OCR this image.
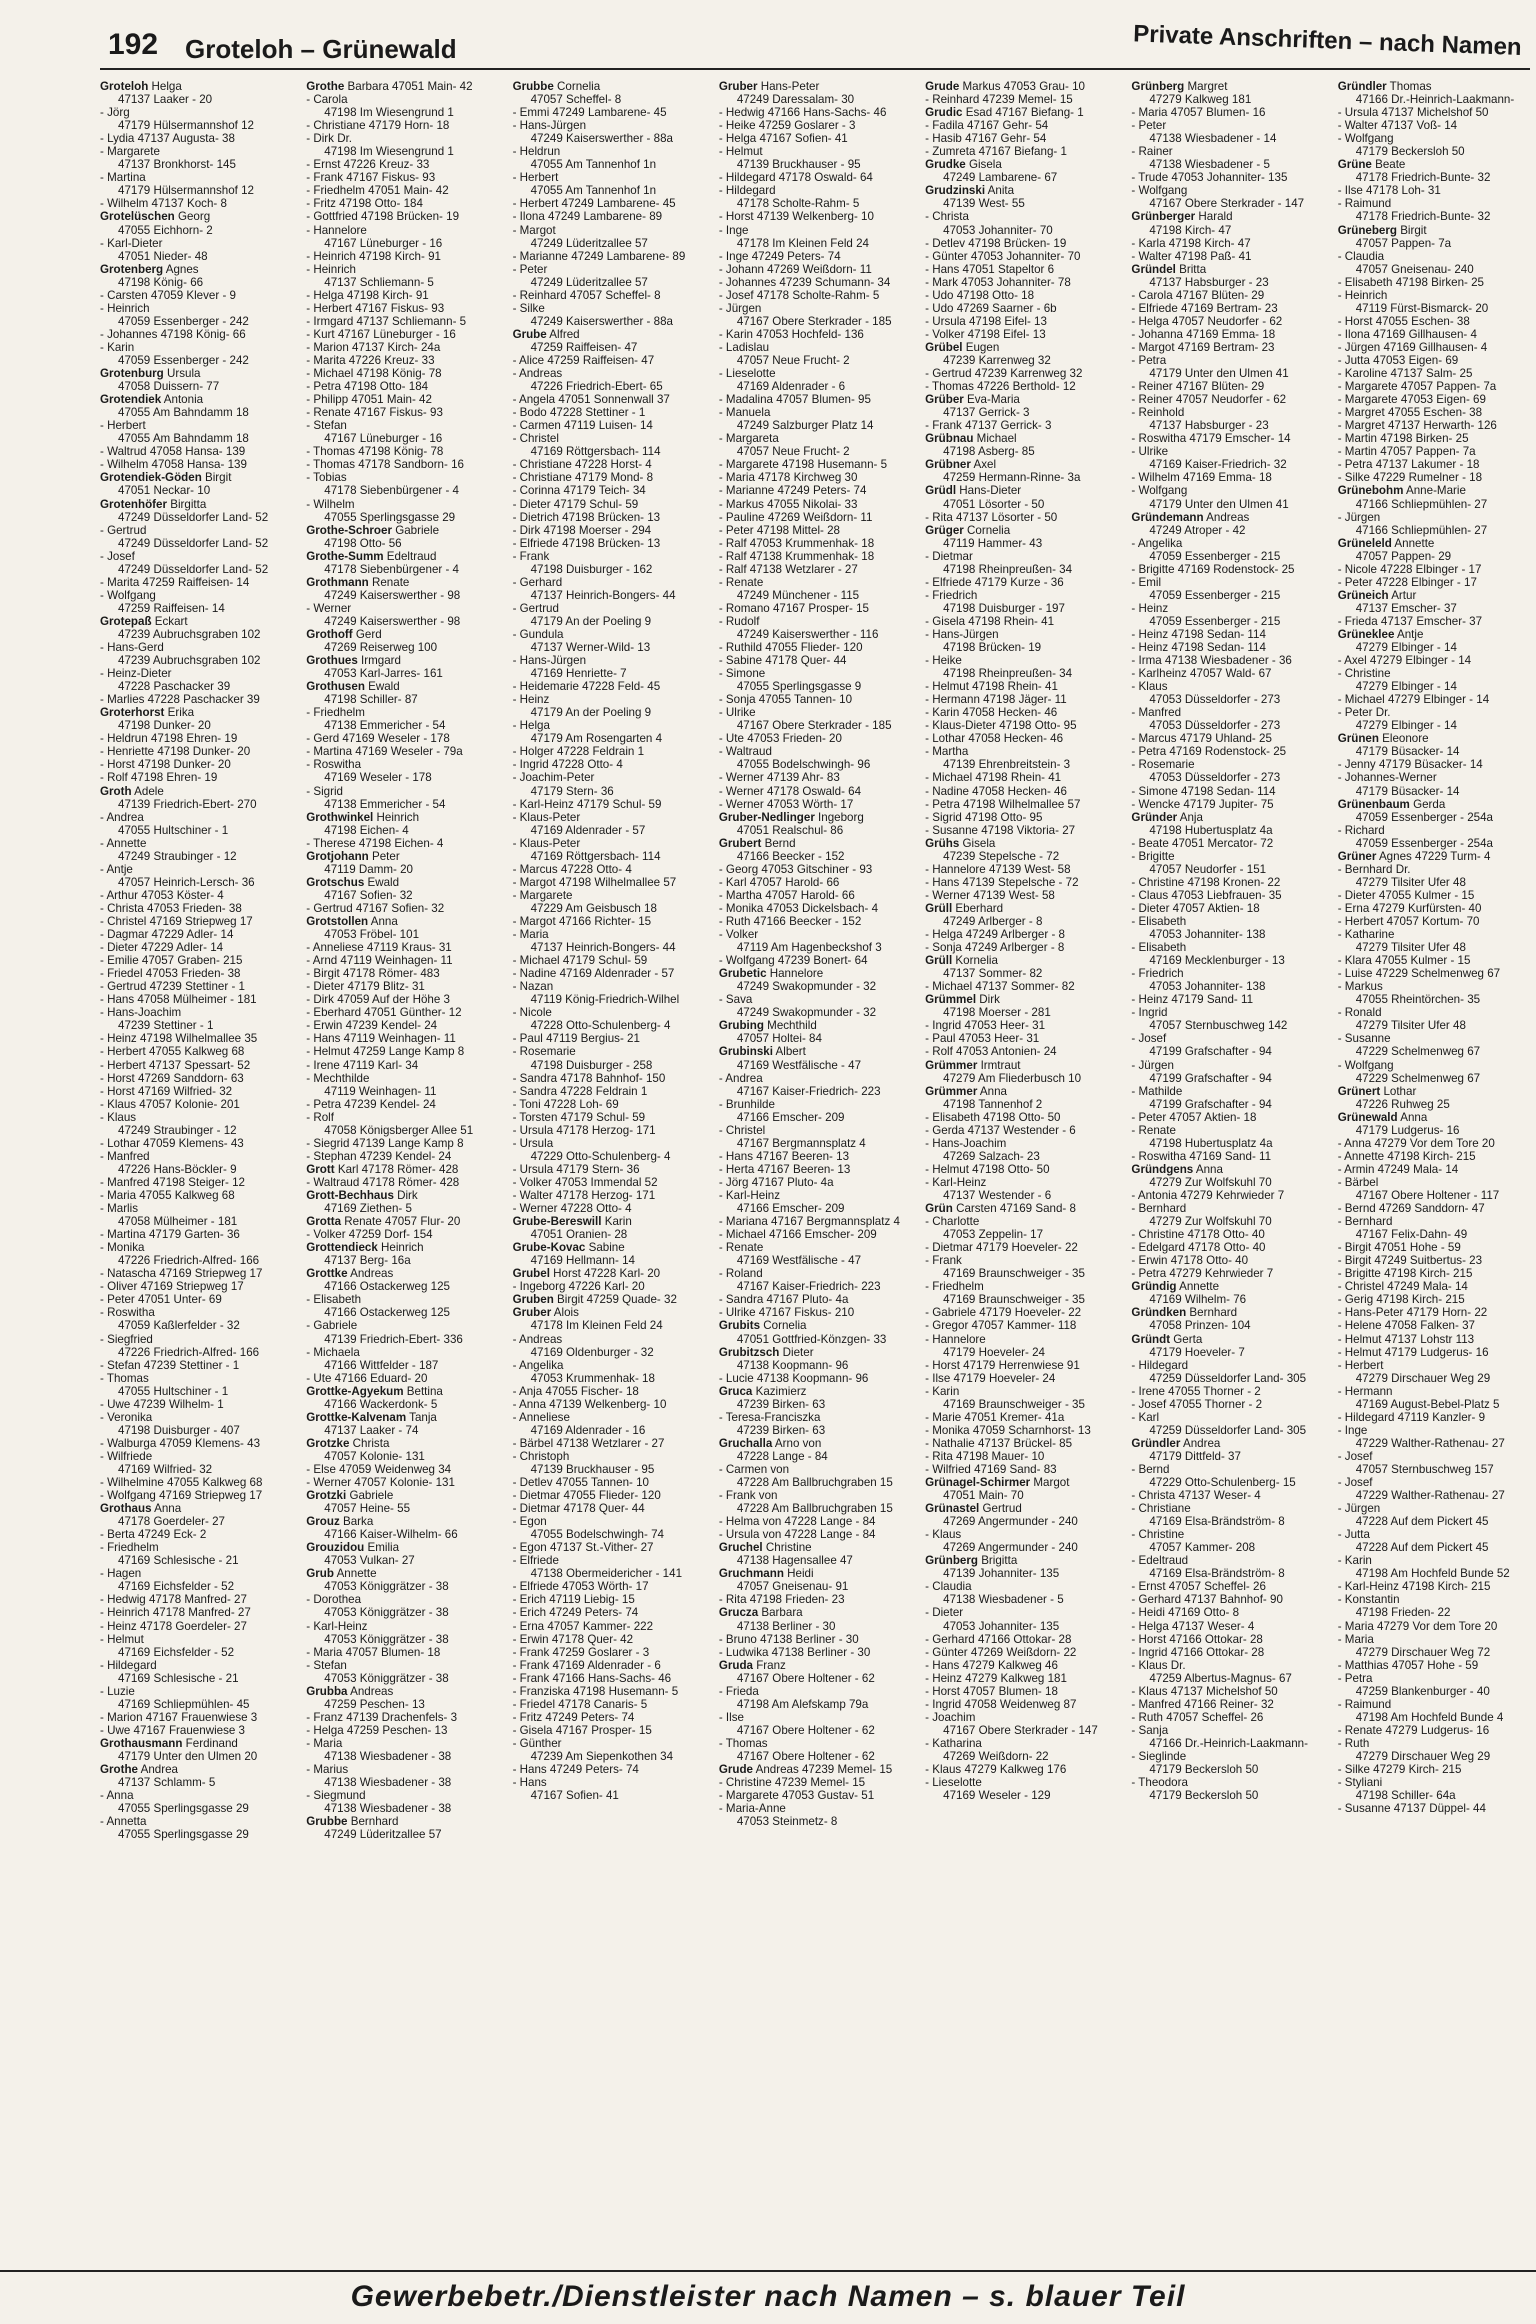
192 Groteloh – Grünewald	Private Anschriften – nach Namen
Groteloh Helga
47137 Laaker - 20
- Jörg
47179 Hülsermannshof 12
- Lydia 47137 Augusta- 38
- Margarete
47137 Bronkhorst- 145
- Martina
47179 Hülsermannshof 12
- Wilhelm 47137 Koch- 8
Grotelüschen Georg
47055 Eichhorn- 2
- Karl-Dieter
47051 Nieder- 48
Grotenberg Agnes
47198 König- 66
- Carsten 47059 Klever - 9
- Heinrich
47059 Essenberger - 242
- Johannes 47198 König- 66
- Karin
47059 Essenberger - 242
Grotenburg Ursula
47058 Duissern- 77
Grotendiek Antonia
47055 Am Bahndamm 18
- Herbert
47055 Am Bahndamm 18
- Waltrud 47058 Hansa- 139
- Wilhelm 47058 Hansa- 139
Grotendiek-Göden Birgit
47051 Neckar- 10
Grotenhöfer Birgitta
47249 Düsseldorfer Land- 52
- Gertrud
47249 Düsseldorfer Land- 52
- Josef
47249 Düsseldorfer Land- 52
- Marita 47259 Raiffeisen- 14
- Wolfgang
47259 Raiffeisen- 14
Grotepaß Eckart
47239 Aubruchsgraben 102
- Hans-Gerd
47239 Aubruchsgraben 102
- Heinz-Dieter
47228 Paschacker 39
- Marlies 47228 Paschacker 39
Groterhorst Erika
47198 Dunker- 20
- Heldrun 47198 Ehren- 19
- Henriette 47198 Dunker- 20
- Horst 47198 Dunker- 20
- Rolf 47198 Ehren- 19
Groth Adele
47139 Friedrich-Ebert- 270
- Andrea
47055 Hultschiner - 1
- Annette
47249 Straubinger - 12
- Antje
47057 Heinrich-Lersch- 36
- Arthur 47053 Köster- 4
- Christa 47053 Frieden- 38
- Christel 47169 Striepweg 17
- Dagmar 47229 Adler- 14
- Dieter 47229 Adler- 14
- Emilie 47057 Graben- 215
- Friedel 47053 Frieden- 38
- Gertrud 47239 Stettiner - 1
- Hans 47058 Mülheimer - 181
- Hans-Joachim
47239 Stettiner - 1
- Heinz 47198 Wilhelmallee 35
- Herbert 47055 Kalkweg 68
- Herbert 47137 Spessart- 52
- Horst 47269 Sanddorn- 63
- Horst 47169 Wilfried- 32
- Klaus 47057 Kolonie- 201
- Klaus
47249 Straubinger - 12
- Lothar 47059 Klemens- 43
- Manfred
47226 Hans-Böckler- 9
- Manfred 47198 Steiger- 12
- Maria 47055 Kalkweg 68
- Marlis
47058 Mülheimer - 181
- Martina 47179 Garten- 36
- Monika
47226 Friedrich-Alfred- 166
- Natascha 47169 Striepweg 17
- Oliver 47169 Striepweg 17
- Peter 47051 Unter- 69
- Roswitha
47059 Kaßlerfelder - 32
- Siegfried
47226 Friedrich-Alfred- 166
- Stefan 47239 Stettiner - 1
- Thomas
47055 Hultschiner - 1
- Uwe 47239 Wilhelm- 1
- Veronika
47198 Duisburger - 407
- Walburga 47059 Klemens- 43
- Wilfriede
47169 Wilfried- 32
- Wilhelmine 47055 Kalkweg 68
- Wolfgang 47169 Striepweg 17
Grothaus Anna
47178 Goerdeler- 27
- Berta 47249 Eck- 2
- Friedhelm
47169 Schlesische - 21
- Hagen
47169 Eichsfelder - 52
- Hedwig 47178 Manfred- 27
- Heinrich 47178 Manfred- 27
- Heinz 47178 Goerdeler- 27
- Helmut
47169 Eichsfelder - 52
- Hildegard
47169 Schlesische - 21
- Luzie
47169 Schliepmühlen- 45
- Marion 47167 Frauenwiese 3
- Uwe 47167 Frauenwiese 3
Grothausmann Ferdinand
47179 Unter den Ulmen 20
Grothe Andrea
47137 Schlamm- 5
- Anna
47055 Sperlingsgasse 29
- Annetta
47055 Sperlingsgasse 29
Grothe Barbara 47051 Main- 42
- Carola
47198 Im Wiesengrund 1
- Christiane 47179 Horn- 18
- Dirk Dr.
47198 Im Wiesengrund 1
- Ernst 47226 Kreuz- 33
- Frank 47167 Fiskus- 93
- Friedhelm 47051 Main- 42
- Fritz 47198 Otto- 184
- Gottfried 47198 Brücken- 19
- Hannelore
47167 Lüneburger - 16
- Heinrich 47198 Kirch- 91
- Heinrich
47137 Schliemann- 5
- Helga 47198 Kirch- 91
- Herbert 47167 Fiskus- 93
- Irmgard 47137 Schliemann- 5
- Kurt 47167 Lüneburger - 16
- Marion 47137 Kirch- 24a
- Marita 47226 Kreuz- 33
- Michael 47198 König- 78
- Petra 47198 Otto- 184
- Philipp 47051 Main- 42
- Renate 47167 Fiskus- 93
- Stefan
47167 Lüneburger - 16
- Thomas 47198 König- 78
- Thomas 47178 Sandborn- 16
- Tobias
47178 Siebenbürgener - 4
- Wilhelm
47055 Sperlingsgasse 29
Grothe-Schroer Gabriele
47198 Otto- 56
Grothe-Summ Edeltraud
47178 Siebenbürgener - 4
Grothmann Renate
47249 Kaiserswerther - 98
- Werner
47249 Kaiserswerther - 98
Grothoff Gerd
47269 Reiserweg 100
Grothues Irmgard
47053 Karl-Jarres- 161
Grothusen Ewald
47198 Schiller- 87
- Friedhelm
47138 Emmericher - 54
- Gerd 47169 Weseler - 178
- Martina 47169 Weseler - 79a
- Roswitha
47169 Weseler - 178
- Sigrid
47138 Emmericher - 54
Grothwinkel Heinrich
47198 Eichen- 4
- Therese 47198 Eichen- 4
Grotjohann Peter
47119 Damm- 20
Grotschus Ewald
47167 Sofien- 32
- Gertrud 47167 Sofien- 32
Grotstollen Anna
47053 Fröbel- 101
- Anneliese 47119 Kraus- 31
- Arnd 47119 Weinhagen- 11
- Birgit 47178 Römer- 483
- Dieter 47179 Blitz- 31
- Dirk 47059 Auf der Höhe 3
- Eberhard 47051 Günther- 12
- Erwin 47239 Kendel- 24
- Hans 47119 Weinhagen- 11
- Helmut 47259 Lange Kamp 8
- Irene 47119 Karl- 34
- Mechthilde
47119 Weinhagen- 11
- Petra 47239 Kendel- 24
- Rolf
47058 Königsberger Allee 51
- Siegrid 47139 Lange Kamp 8
- Stephan 47239 Kendel- 24
Grott Karl 47178 Römer- 428
- Waltraud 47178 Römer- 428
Grott-Bechhaus Dirk
47169 Ziethen- 5
Grotta Renate 47057 Flur- 20
- Volker 47259 Dorf- 154
Grottendieck Heinrich
47137 Berg- 16a
Grottke Andreas
47166 Ostackerweg 125
- Elisabeth
47166 Ostackerweg 125
- Gabriele
47139 Friedrich-Ebert- 336
- Michaela
47166 Wittfelder - 187
- Ute 47166 Eduard- 20
Grottke-Agyekum Bettina
47166 Wackerdonk- 5
Grottke-Kalvenam Tanja
47137 Laaker - 74
Grotzke Christa
47057 Kolonie- 131
- Else 47059 Weidenweg 34
- Werner 47057 Kolonie- 131
Grotzki Gabriele
47057 Heine- 55
Grouz Barka
47166 Kaiser-Wilhelm- 66
Grouzidou Emilia
47053 Vulkan- 27
Grub Annette
47053 Königgrätzer - 38
- Dorothea
47053 Königgrätzer - 38
- Karl-Heinz
47053 Königgrätzer - 38
- Maria 47057 Blumen- 18
- Stefan
47053 Königgrätzer - 38
Grubba Andreas
47259 Peschen- 13
- Franz 47139 Drachenfels- 3
- Helga 47259 Peschen- 13
- Maria
47138 Wiesbadener - 38
- Marius
47138 Wiesbadener - 38
- Siegmund
47138 Wiesbadener - 38
Grubbe Bernhard
47249 Lüderitzallee 57
Grubbe Cornelia
47057 Scheffel- 8
- Emmi 47249 Lambarene- 45
- Hans-Jürgen
47249 Kaiserswerther - 88a
- Heldrun
47055 Am Tannenhof 1n
- Herbert
47055 Am Tannenhof 1n
- Herbert 47249 Lambarene- 45
- Ilona 47249 Lambarene- 89
- Margot
47249 Lüderitzallee 57
- Marianne 47249 Lambarene- 89
- Peter
47249 Lüderitzallee 57
- Reinhard 47057 Scheffel- 8
- Silke
47249 Kaiserswerther - 88a
Grube Alfred
47259 Raiffeisen- 47
- Alice 47259 Raiffeisen- 47
- Andreas
47226 Friedrich-Ebert- 65
- Angela 47051 Sonnenwall 37
- Bodo 47228 Stettiner - 1
- Carmen 47119 Luisen- 14
- Christel
47169 Röttgersbach- 114
- Christiane 47228 Horst- 4
- Christiane 47179 Mond- 8
- Corinna 47179 Teich- 34
- Dieter 47179 Schul- 59
- Dietrich 47198 Brücken- 13
- Dirk 47198 Moerser - 294
- Elfriede 47198 Brücken- 13
- Frank
47198 Duisburger - 162
- Gerhard
47137 Heinrich-Bongers- 44
- Gertrud
47179 An der Poeling 9
- Gundula
47137 Werner-Wild- 13
- Hans-Jürgen
47169 Henriette- 7
- Heidemarie 47228 Feld- 45
- Heinz
47179 An der Poeling 9
- Helga
47179 Am Rosengarten 4
- Holger 47228 Feldrain 1
- Ingrid 47228 Otto- 4
- Joachim-Peter
47179 Stern- 36
- Karl-Heinz 47179 Schul- 59
- Klaus-Peter
47169 Aldenrader - 57
- Klaus-Peter
47169 Röttgersbach- 114
- Marcus 47228 Otto- 4
- Margot 47198 Wilhelmallee 57
- Margarete
47229 Am Geisbusch 18
- Margot 47166 Richter- 15
- Maria
47137 Heinrich-Bongers- 44
- Michael 47179 Schul- 59
- Nadine 47169 Aldenrader - 57
- Nazan
47119 König-Friedrich-Wilhel
- Nicole
47228 Otto-Schulenberg- 4
- Paul 47119 Bergius- 21
- Rosemarie
47198 Duisburger - 258
- Sandra 47178 Bahnhof- 150
- Sandra 47228 Feldrain 1
- Toni 47228 Loh- 69
- Torsten 47179 Schul- 59
- Ursula 47178 Herzog- 171
- Ursula
47229 Otto-Schulenberg- 4
- Ursula 47179 Stern- 36
- Volker 47053 Immendal 52
- Walter 47178 Herzog- 171
- Werner 47228 Otto- 4
Grube-Bereswill Karin
47051 Oranien- 28
Grube-Kovac Sabine
47169 Hellmann- 14
Grubel Horst 47228 Karl- 20
- Ingeborg 47226 Karl- 20
Gruben Birgit 47259 Quade- 32
Gruber Alois
47178 Im Kleinen Feld 24
- Andreas
47169 Oldenburger - 32
- Angelika
47053 Krummenhak- 18
- Anja 47055 Fischer- 18
- Anna 47139 Welkenberg- 10
- Anneliese
47169 Aldenrader - 16
- Bärbel 47138 Wetzlarer - 27
- Christoph
47139 Bruckhauser - 95
- Detlev 47055 Tannen- 10
- Dietmar 47055 Flieder- 120
- Dietmar 47178 Quer- 44
- Egon
47055 Bodelschwingh- 74
- Egon 47137 St.-Vither- 27
- Elfriede
47138 Obermeidericher - 141
- Elfriede 47053 Wörth- 17
- Erich 47119 Liebig- 15
- Erich 47249 Peters- 74
- Erna 47057 Kammer- 222
- Erwin 47178 Quer- 42
- Frank 47259 Goslarer - 3
- Frank 47169 Aldenrader - 6
- Frank 47166 Hans-Sachs- 46
- Franziska 47198 Husemann- 5
- Friedel 47178 Canaris- 5
- Fritz 47249 Peters- 74
- Gisela 47167 Prosper- 15
- Günther
47239 Am Siepenkothen 34
- Hans 47249 Peters- 74
- Hans
47167 Sofien- 41
Gruber Hans-Peter
47249 Daressalam- 30
- Hedwig 47166 Hans-Sachs- 46
- Heike 47259 Goslarer - 3
- Helga 47167 Sofien- 41
- Helmut
47139 Bruckhauser - 95
- Hildegard 47178 Oswald- 64
- Hildegard
47178 Scholte-Rahm- 5
- Horst 47139 Welkenberg- 10
- Inge
47178 Im Kleinen Feld 24
- Inge 47249 Peters- 74
- Johann 47269 Weißdorn- 11
- Johannes 47239 Schumann- 34
- Josef 47178 Scholte-Rahm- 5
- Jürgen
47167 Obere Sterkrader - 185
- Karin 47053 Hochfeld- 136
- Ladislau
47057 Neue Frucht- 2
- Lieselotte
47169 Aldenrader - 6
- Madalina 47057 Blumen- 95
- Manuela
47249 Salzburger Platz 14
- Margareta
47057 Neue Frucht- 2
- Margarete 47198 Husemann- 5
- Maria 47178 Kirchweg 30
- Marianne 47249 Peters- 74
- Markus 47055 Nikolai- 33
- Pauline 47269 Weißdorn- 11
- Peter 47198 Mittel- 28
- Ralf 47053 Krummenhak- 18
- Ralf 47138 Krummenhak- 18
- Ralf 47138 Wetzlarer - 27
- Renate
47249 Münchener - 115
- Romano 47167 Prosper- 15
- Rudolf
47249 Kaiserswerther - 116
- Ruthild 47055 Flieder- 120
- Sabine 47178 Quer- 44
- Simone
47055 Sperlingsgasse 9
- Sonja 47055 Tannen- 10
- Ulrike
47167 Obere Sterkrader - 185
- Ute 47053 Frieden- 20
- Waltraud
47055 Bodelschwingh- 96
- Werner 47139 Ahr- 83
- Werner 47178 Oswald- 64
- Werner 47053 Wörth- 17
Gruber-Nedlinger Ingeborg
47051 Realschul- 86
Grubert Bernd
47166 Beecker - 152
- Georg 47053 Gitschiner - 93
- Karl 47057 Harold- 66
- Martha 47057 Harold- 66
- Monika 47053 Dickelsbach- 4
- Ruth 47166 Beecker - 152
- Volker
47119 Am Hagenbeckshof 3
- Wolfgang 47239 Bonert- 64
Grubetic Hannelore
47249 Swakopmunder - 32
- Sava
47249 Swakopmunder - 32
Grubing Mechthild
47057 Holtei- 84
Grubinski Albert
47169 Westfälische - 47
- Andrea
47167 Kaiser-Friedrich- 223
- Brunhilde
47166 Emscher- 209
- Christel
47167 Bergmannsplatz 4
- Hans 47167 Beeren- 13
- Herta 47167 Beeren- 13
- Jörg 47167 Pluto- 4a
- Karl-Heinz
47166 Emscher- 209
- Mariana 47167 Bergmannsplatz 4
- Michael 47166 Emscher- 209
- Renate
47169 Westfälische - 47
- Roland
47167 Kaiser-Friedrich- 223
- Sandra 47167 Pluto- 4a
- Ulrike 47167 Fiskus- 210
Grubits Cornelia
47051 Gottfried-Könzgen- 33
Grubitzsch Dieter
47138 Koopmann- 96
- Lucie 47138 Koopmann- 96
Gruca Kazimierz
47239 Birken- 63
- Teresa-Franciszka
47239 Birken- 63
Gruchalla Arno von
47228 Lange - 84
- Carmen von
47228 Am Ballbruchgraben 15
- Frank von
47228 Am Ballbruchgraben 15
- Helma von 47228 Lange - 84
- Ursula von 47228 Lange - 84
Gruchel Christine
47138 Hagensallee 47
Gruchmann Heidi
47057 Gneisenau- 91
- Rita 47198 Frieden- 23
Grucza Barbara
47138 Berliner - 30
- Bruno 47138 Berliner - 30
- Ludwika 47138 Berliner - 30
Gruda Franz
47167 Obere Holtener - 62
- Frieda
47198 Am Alefskamp 79a
- Ilse
47167 Obere Holtener - 62
- Thomas
47167 Obere Holtener - 62
Grude Andreas 47239 Memel- 15
- Christine 47239 Memel- 15
- Margarete 47053 Gustav- 51
- Maria-Anne
47053 Steinmetz- 8
Grude Markus 47053 Grau- 10
- Reinhard 47239 Memel- 15
Grudic Esad 47167 Biefang- 1
- Fadila 47167 Gehr- 54
- Hasib 47167 Gehr- 54
- Zumreta 47167 Biefang- 1
Grudke Gisela
47249 Lambarene- 67
Grudzinski Anita
47139 West- 55
- Christa
47053 Johanniter- 70
- Detlev 47198 Brücken- 19
- Günter 47053 Johanniter- 70
- Hans 47051 Stapeltor 6
- Mark 47053 Johanniter- 78
- Udo 47198 Otto- 18
- Udo 47269 Saarner - 6b
- Ursula 47198 Eifel- 13
- Volker 47198 Eifel- 13
Grübel Eugen
47239 Karrenweg 32
- Gertrud 47239 Karrenweg 32
- Thomas 47226 Berthold- 12
Grüber Eva-Maria
47137 Gerrick- 3
- Frank 47137 Gerrick- 3
Grübnau Michael
47198 Asberg- 85
Grübner Axel
47259 Hermann-Rinne- 3a
Grüdl Hans-Dieter
47051 Lösorter - 50
- Rita 47137 Lösorter - 50
Grüger Cornelia
47119 Hammer- 43
- Dietmar
47198 Rheinpreußen- 34
- Elfriede 47179 Kurze - 36
- Friedrich
47198 Duisburger - 197
- Gisela 47198 Rhein- 41
- Hans-Jürgen
47198 Brücken- 19
- Heike
47198 Rheinpreußen- 34
- Helmut 47198 Rhein- 41
- Hermann 47198 Jäger- 11
- Karin 47058 Hecken- 46
- Klaus-Dieter 47198 Otto- 95
- Lothar 47058 Hecken- 46
- Martha
47139 Ehrenbreitstein- 3
- Michael 47198 Rhein- 41
- Nadine 47058 Hecken- 46
- Petra 47198 Wilhelmallee 57
- Sigrid 47198 Otto- 95
- Susanne 47198 Viktoria- 27
Grühs Gisela
47239 Stepelsche - 72
- Hannelore 47139 West- 58
- Hans 47139 Stepelsche - 72
- Werner 47139 West- 58
Grüll Eberhard
47249 Arlberger - 8
- Helga 47249 Arlberger - 8
- Sonja 47249 Arlberger - 8
Grüll Kornelia
47137 Sommer- 82
- Michael 47137 Sommer- 82
Grümmel Dirk
47198 Moerser - 281
- Ingrid 47053 Heer- 31
- Paul 47053 Heer- 31
- Rolf 47053 Antonien- 24
Grümmer Irmtraut
47279 Am Fliederbusch 10
Grümmer Anna
47198 Tannenhof 2
- Elisabeth 47198 Otto- 50
- Gerda 47137 Westender - 6
- Hans-Joachim
47269 Salzach- 23
- Helmut 47198 Otto- 50
- Karl-Heinz
47137 Westender - 6
Grün Carsten 47169 Sand- 8
- Charlotte
47053 Zeppelin- 17
- Dietmar 47179 Hoeveler- 22
- Frank
47169 Braunschweiger - 35
- Friedhelm
47169 Braunschweiger - 35
- Gabriele 47179 Hoeveler- 22
- Gregor 47057 Kammer- 118
- Hannelore
47179 Hoeveler- 24
- Horst 47179 Herrenwiese 91
- Ilse 47179 Hoeveler- 24
- Karin
47169 Braunschweiger - 35
- Marie 47051 Kremer- 41a
- Monika 47059 Scharnhorst- 13
- Nathalie 47137 Brückel- 85
- Rita 47198 Mauer- 10
- Wilfried 47169 Sand- 83
Grünagel-Schirmer Margot
47051 Main- 70
Grünastel Gertrud
47269 Angermunder - 240
- Klaus
47269 Angermunder - 240
Grünberg Brigitta
47139 Johanniter- 135
- Claudia
47138 Wiesbadener - 5
- Dieter
47053 Johanniter- 135
- Gerhard 47166 Ottokar- 28
- Günter 47269 Weißdorn- 22
- Hans 47279 Kalkweg 46
- Heinz 47279 Kalkweg 181
- Horst 47057 Blumen- 18
- Ingrid 47058 Weidenweg 87
- Joachim
47167 Obere Sterkrader - 147
- Katharina
47269 Weißdorn- 22
- Klaus 47279 Kalkweg 176
- Lieselotte
47169 Weseler - 129
Grünberg Margret
47279 Kalkweg 181
- Maria 47057 Blumen- 16
- Peter
47138 Wiesbadener - 14
- Rainer
47138 Wiesbadener - 5
- Trude 47053 Johanniter- 135
- Wolfgang
47167 Obere Sterkrader - 147
Grünberger Harald
47198 Kirch- 47
- Karla 47198 Kirch- 47
- Walter 47198 Paß- 41
Gründel Britta
47137 Habsburger - 23
- Carola 47167 Blüten- 29
- Elfriede 47169 Bertram- 23
- Helga 47057 Neudorfer - 62
- Johanna 47169 Emma- 18
- Margot 47169 Bertram- 23
- Petra
47179 Unter den Ulmen 41
- Reiner 47167 Blüten- 29
- Reiner 47057 Neudorfer - 62
- Reinhold
47137 Habsburger - 23
- Roswitha 47179 Emscher- 14
- Ulrike
47169 Kaiser-Friedrich- 32
- Wilhelm 47169 Emma- 18
- Wolfgang
47179 Unter den Ulmen 41
Gründemann Andreas
47249 Atroper - 42
- Angelika
47059 Essenberger - 215
- Brigitte 47169 Rodenstock- 25
- Emil
47059 Essenberger - 215
- Heinz
47059 Essenberger - 215
- Heinz 47198 Sedan- 114
- Heinz 47198 Sedan- 114
- Irma 47138 Wiesbadener - 36
- Karlheinz 47057 Wald- 67
- Klaus
47053 Düsseldorfer - 273
- Manfred
47053 Düsseldorfer - 273
- Marcus 47179 Uhland- 25
- Petra 47169 Rodenstock- 25
- Rosemarie
47053 Düsseldorfer - 273
- Simone 47198 Sedan- 114
- Wencke 47179 Jupiter- 75
Gründer Anja
47198 Hubertusplatz 4a
- Beate 47051 Mercator- 72
- Brigitte
47057 Neudorfer - 151
- Christine 47198 Kronen- 22
- Claus 47053 Liebfrauen- 35
- Dieter 47057 Aktien- 18
- Elisabeth
47053 Johanniter- 138
- Elisabeth
47169 Mecklenburger - 13
- Friedrich
47053 Johanniter- 138
- Heinz 47179 Sand- 11
- Ingrid
47057 Sternbuschweg 142
- Josef
47199 Grafschafter - 94
- Jürgen
47199 Grafschafter - 94
- Mathilde
47199 Grafschafter - 94
- Peter 47057 Aktien- 18
- Renate
47198 Hubertusplatz 4a
- Roswitha 47169 Sand- 11
Gründgens Anna
47279 Zur Wolfskuhl 70
- Antonia 47279 Kehrwieder 7
- Bernhard
47279 Zur Wolfskuhl 70
- Christine 47178 Otto- 40
- Edelgard 47178 Otto- 40
- Erwin 47178 Otto- 40
- Petra 47279 Kehrwieder 7
Gründig Annette
47169 Wilhelm- 76
Gründken Bernhard
47058 Prinzen- 104
Gründt Gerta
47179 Hoeveler- 7
- Hildegard
47259 Düsseldorfer Land- 305
- Irene 47055 Thorner - 2
- Josef 47055 Thorner - 2
- Karl
47259 Düsseldorfer Land- 305
Gründler Andrea
47179 Dittfeld- 37
- Bernd
47229 Otto-Schulenberg- 15
- Christa 47137 Weser- 4
- Christiane
47169 Elsa-Brändström- 8
- Christine
47057 Kammer- 208
- Edeltraud
47169 Elsa-Brändström- 8
- Ernst 47057 Scheffel- 26
- Gerhard 47137 Bahnhof- 90
- Heidi 47169 Otto- 8
- Helga 47137 Weser- 4
- Horst 47166 Ottokar- 28
- Ingrid 47166 Ottokar- 28
- Klaus Dr.
47259 Albertus-Magnus- 67
- Klaus 47137 Michelshof 50
- Manfred 47166 Reiner- 32
- Ruth 47057 Scheffel- 26
- Sanja
47166 Dr.-Heinrich-Laakmann-
- Sieglinde
47179 Beckersloh 50
- Theodora
47179 Beckersloh 50
Gründler Thomas
47166 Dr.-Heinrich-Laakmann-
- Ursula 47137 Michelshof 50
- Walter 47137 Voß- 14
- Wolfgang
47179 Beckersloh 50
Grüne Beate
47178 Friedrich-Bunte- 32
- Ilse 47178 Loh- 31
- Raimund
47178 Friedrich-Bunte- 32
Grüneberg Birgit
47057 Pappen- 7a
- Claudia
47057 Gneisenau- 240
- Elisabeth 47198 Birken- 25
- Heinrich
47119 Fürst-Bismarck- 20
- Horst 47055 Eschen- 38
- Ilona 47169 Gillhausen- 4
- Jürgen 47169 Gillhausen- 4
- Jutta 47053 Eigen- 69
- Karoline 47137 Salm- 25
- Margarete 47057 Pappen- 7a
- Margarete 47053 Eigen- 69
- Margret 47055 Eschen- 38
- Margret 47137 Herwarth- 126
- Martin 47198 Birken- 25
- Martin 47057 Pappen- 7a
- Petra 47137 Lakumer - 18
- Silke 47229 Rumelner - 18
Grünebohm Anne-Marie
47166 Schliepmühlen- 27
- Jürgen
47166 Schliepmühlen- 27
Grüneleld Annette
47057 Pappen- 29
- Nicole 47228 Elbinger - 17
- Peter 47228 Elbinger - 17
Grüneich Artur
47137 Emscher- 37
- Frieda 47137 Emscher- 37
Grüneklee Antje
47279 Elbinger - 14
- Axel 47279 Elbinger - 14
- Christine
47279 Elbinger - 14
- Michael 47279 Elbinger - 14
- Peter Dr.
47279 Elbinger - 14
Grünen Eleonore
47179 Büsacker- 14
- Jenny 47179 Büsacker- 14
- Johannes-Werner
47179 Büsacker- 14
Grünenbaum Gerda
47059 Essenberger - 254a
- Richard
47059 Essenberger - 254a
Grüner Agnes 47229 Turm- 4
- Bernhard Dr.
47279 Tilsiter Ufer 48
- Dieter 47055 Kulmer - 15
- Erna 47279 Kurfürsten- 40
- Herbert 47057 Kortum- 70
- Katharine
47279 Tilsiter Ufer 48
- Klara 47055 Kulmer - 15
- Luise 47229 Schelmenweg 67
- Markus
47055 Rheintörchen- 35
- Ronald
47279 Tilsiter Ufer 48
- Susanne
47229 Schelmenweg 67
- Wolfgang
47229 Schelmenweg 67
Grünert Lothar
47226 Ruhweg 25
Grünewald Anna
47179 Ludgerus- 16
- Anna 47279 Vor dem Tore 20
- Annette 47198 Kirch- 215
- Armin 47249 Mala- 14
- Bärbel
47167 Obere Holtener - 117
- Bernd 47269 Sanddorn- 47
- Bernhard
47167 Felix-Dahn- 49
- Birgit 47051 Hohe - 59
- Birgit 47249 Suitbertus- 23
- Brigitte 47198 Kirch- 215
- Christel 47249 Mala- 14
- Gerig 47198 Kirch- 215
- Hans-Peter 47179 Horn- 22
- Helene 47058 Falken- 37
- Helmut 47137 Lohstr 113
- Helmut 47179 Ludgerus- 16
- Herbert
47279 Dirschauer Weg 29
- Hermann
47169 August-Bebel-Platz 5
- Hildegard 47119 Kanzler- 9
- Inge
47229 Walther-Rathenau- 27
- Josef
47057 Sternbuschweg 157
- Josef
47229 Walther-Rathenau- 27
- Jürgen
47228 Auf dem Pickert 45
- Jutta
47228 Auf dem Pickert 45
- Karin
47198 Am Hochfeld Bunde 52
- Karl-Heinz 47198 Kirch- 215
- Konstantin
47198 Frieden- 22
- Maria 47279 Vor dem Tore 20
- Maria
47279 Dirschauer Weg 72
- Matthias 47057 Hohe - 59
- Petra
47259 Blankenburger - 40
- Raimund
47198 Am Hochfeld Bunde 4
- Renate 47279 Ludgerus- 16
- Ruth
47279 Dirschauer Weg 29
- Silke 47279 Kirch- 215
- Styliani
47198 Schiller- 64a
- Susanne 47137 Düppel- 44
Gewerbebetr./Dienstleister nach Namen – s. blauer Teil
